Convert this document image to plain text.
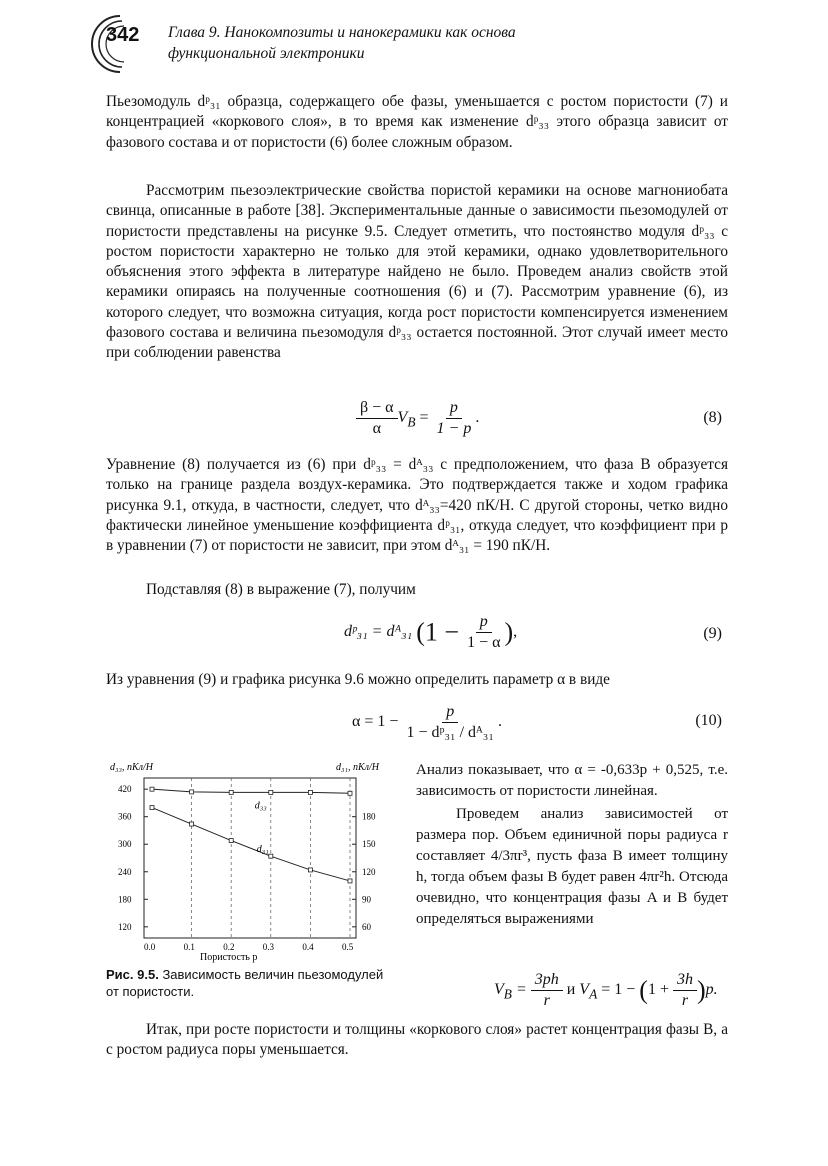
342 Глава 9. Нанокомпозиты и нанокерамики как основа
функциональной электроники
Пьезомодуль dᵖ₃₁ образца, содержащего обе фазы, уменьшается с ростом пористости (7) и концентрацией «коркового слоя», в то время как изменение dᵖ₃₃ этого образца зависит от фазового состава и от пористости (6) более сложным образом.
Рассмотрим пьезоэлектрические свойства пористой керамики на основе магнониобата свинца, описанные в работе [38]. Экспериментальные данные о зависимости пьезомодулей от пористости представлены на рисунке 9.5. Следует отметить, что постоянство модуля dᵖ₃₃ с ростом пористости характерно не только для этой керамики, однако удовлетворительного объяснения этого эффекта в литературе найдено не было. Проведем анализ свойств этой керамики опираясь на полученные соотношения (6) и (7). Рассмотрим уравнение (6), из которого следует, что возможна ситуация, когда рост пористости компенсируется изменением фазового состава и величина пьезомодуля dᵖ₃₃ остается постоянной. Этот случай имеет место при соблюдении равенства
$\frac{\beta - \alpha}{\alpha} V_B = \frac{p}{1 - p}$ .	(8)
Уравнение (8) получается из (6) при dᵖ₃₃ = dᴬ₃₃ с предположением, что фаза B образуется только на границе раздела воздух-керамика. Это подтверждается также и ходом графика рисунка 9.1, откуда, в частности, следует, что dᴬ₃₃=420 пК/Н. С другой стороны, четко видно фактически линейное уменьшение коэффициента dᵖ₃₁, откуда следует, что коэффициент при p в уравнении (7) от пористости не зависит, при этом dᴬ₃₁ = 190 пК/Н.
Подставляя (8) в выражение (7), получим
dᵖ₃₁ = dᴬ₃₁ ($1 - \frac{p}{1 - \alpha}$ ),	(9)
Из уравнения (9) и графика рисунка 9.6 можно определить параметр α в виде
$\alpha = 1 - \frac{p}{\text{1 − dᵖ₃₁ / dᴬ₃₁}}$ .	(10)
d₃₃, пКл/Н	d₃₁, пКл/Н
0.0	0.1	0.2	0.3	0.4	0.5
120
180
240
300
360
420
60
90
120
150
180
d₃₃
d₃₁
Пористость p
Анализ показывает, что α = -0,633p + 0,525, т.е. зависимость от пористости линейная.
Проведем анализ зависимостей от размера пор. Объем единичной поры радиуса r составляет 4/3πr³, пусть фаза B имеет толщину h, тогда объем фазы B будет равен 4πr²h. Отсюда очевидно, что концентрация фазы A и B будет определяться выражениями
$V_B = \frac{3ph}{r}$ и $V_A = 1 - (1 + \frac{3h}{r} )p$.
Рис. 9.5. Зависимость величин пьезомодулей от пористости.
Итак, при росте пористости и толщины «коркового слоя» растет концентрация фазы B, а с ростом радиуса поры уменьшается.
